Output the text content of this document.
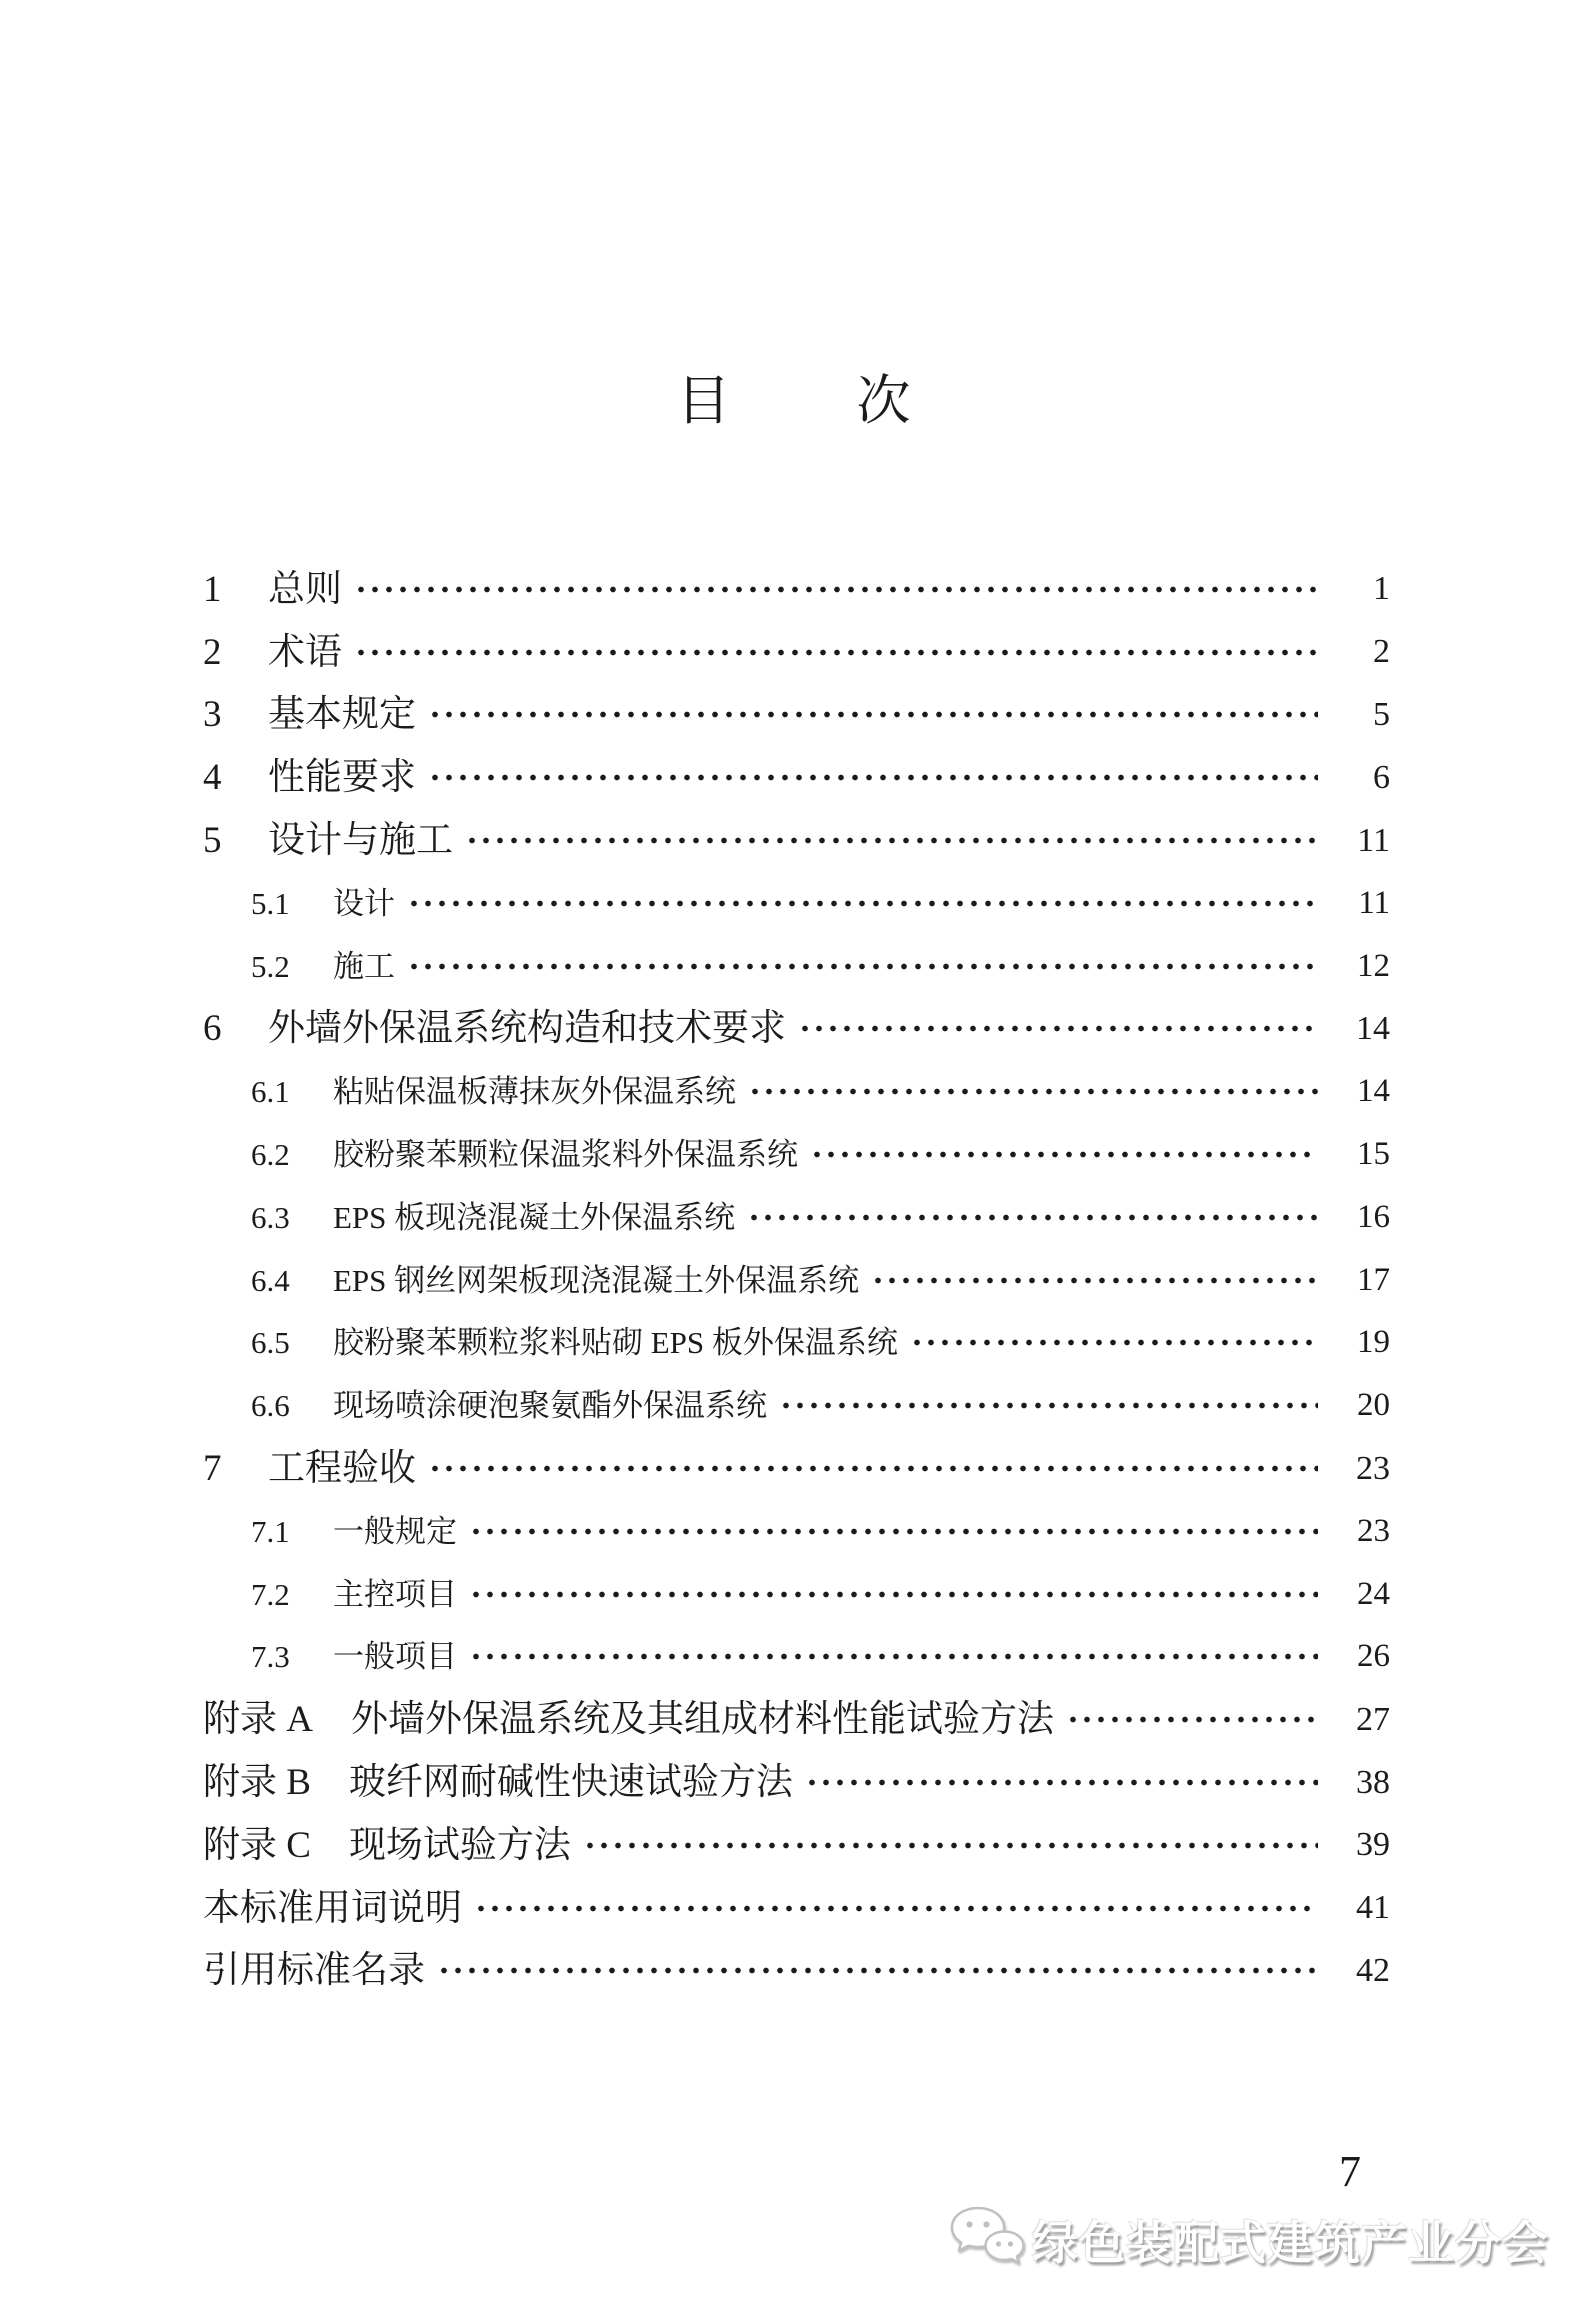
目 次
1 总则	1
2 术语	2
3 基本规定	5
4 性能要求	6
5 设计与施工	11
5.1	设计	11
5.2	施工	12
6 外墙外保温系统构造和技术要求	14
6.1	粘贴保温板薄抹灰外保温系统	14
6.2	胶粉聚苯颗粒保温浆料外保温系统	15
6.3	EPS 板现浇混凝土外保温系统	16
6.4	EPS 钢丝网架板现浇混凝土外保温系统	17
6.5	胶粉聚苯颗粒浆料贴砌 EPS 板外保温系统	19
6.6	现场喷涂硬泡聚氨酯外保温系统	20
7 工程验收	23
7.1	一般规定	23
7.2	主控项目	24
7.3	一般项目	26
附录 A 外墙外保温系统及其组成材料性能试验方法	27
附录 B 玻纤网耐碱性快速试验方法	38
附录 C 现场试验方法	39
本标准用词说明	41
引用标准名录	42
7
绿色装配式建筑产业分会
